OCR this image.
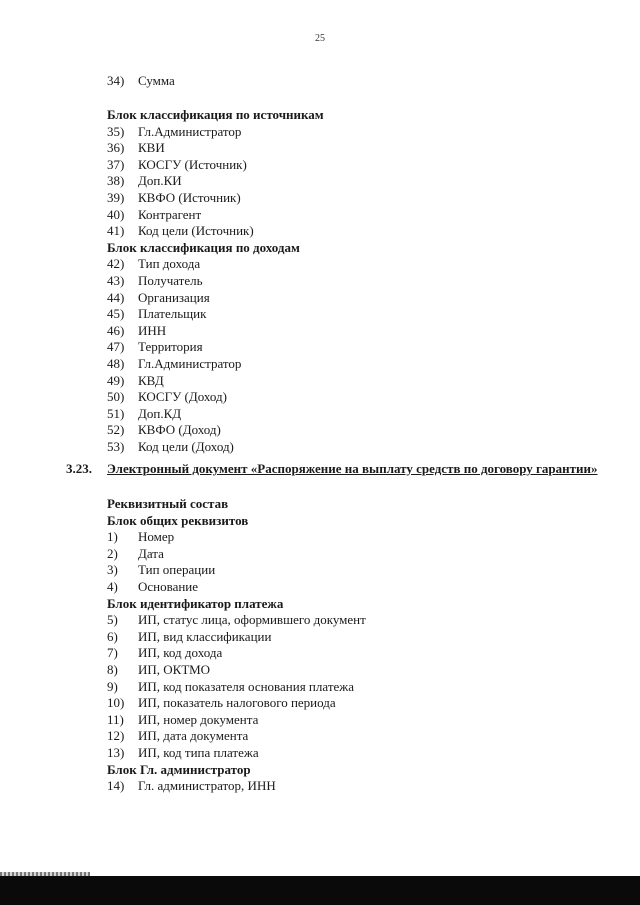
25
34) Сумма
Блок классификация по источникам
35) Гл.Администратор
36) КВИ
37) КОСГУ (Источник)
38) Доп.КИ
39) КВФО (Источник)
40) Контрагент
41) Код цели (Источник)
Блок классификация по доходам
42) Тип дохода
43) Получатель
44) Организация
45) Плательщик
46) ИНН
47) Территория
48) Гл.Администратор
49) КВД
50) КОСГУ (Доход)
51) Доп.КД
52) КВФО (Доход)
53) Код цели (Доход)
3.23. Электронный документ «Распоряжение на выплату средств по договору гарантии»
Реквизитный состав
Блок общих реквизитов
1) Номер
2) Дата
3) Тип операции
4) Основание
Блок идентификатор платежа
5) ИП, статус лица, оформившего документ
6) ИП, вид классификации
7) ИП, код дохода
8) ИП, ОКТМО
9) ИП, код показателя основания платежа
10) ИП, показатель налогового периода
11) ИП, номер документа
12) ИП, дата документа
13) ИП, код типа платежа
Блок Гл. администратор
14) Гл. администратор, ИНН
